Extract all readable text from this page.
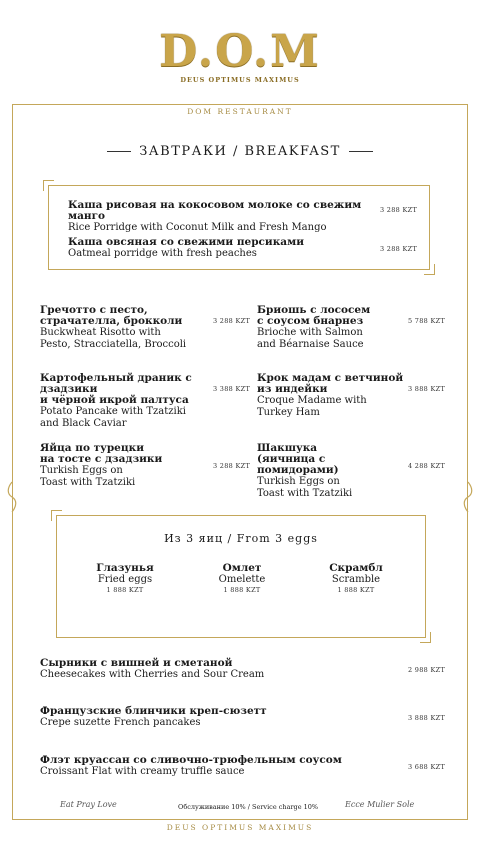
D.O.M
DEUS OPTIMUS MAXIMUS
DOM RESTAURANT
ЗАВТРАКИ / BREAKFAST
Каша рисовая на кокосовом молоке со свежим манго
Rice Porridge with Coconut Milk and Fresh Mango
3 288 KZT
Каша овсяная со свежими персиками
Oatmeal porridge with fresh peaches	3 288 KZT
Гречотто с песто,
страчателла, брокколи
Buckwheat Risotto with
Pesto, Stracciatella, Broccoli
3 288 KZT
Бриошь с лососем
с соусом бнарнез
Brioche with Salmon
and Béarnaise Sauce
5 788 KZT
Картофельный драник с дзадзики
и чёрной икрой палтуса
Potato Pancake with Tzatziki
and Black Caviar
3 388 KZT
Крок мадам с ветчиной
из индейки
Croque Madame with
Turkey Ham
3 888 KZT
Яйца по турецки
на тосте с дзадзики
Turkish Eggs on
Toast with Tzatziki
3 288 KZT
Шакшука
(яичница с помидорами)
Turkish Eggs on
Toast with Tzatziki
4 288 KZT
Из 3 яиц / From 3 eggs
Глазунья
Fried eggs
1 888 KZT
Омлет
Omelette
1 888 KZT
Скрамбл
Scramble
1 888 KZT
Сырники с вишней и сметаной
Cheesecakes with Cherries and Sour Cream	2 988 KZT
Французские блинчики креп-сюзетт
Crepe suzette French pancakes	3 888 KZT
Флэт круассан со сливочно-трюфельным соусом
Croissant Flat with creamy truffle sauce	3 688 KZT
Eat Pray Love	Обслуживание 10% / Service charge 10%	Ecce Mulier Sole
DEUS OPTIMUS MAXIMUS
